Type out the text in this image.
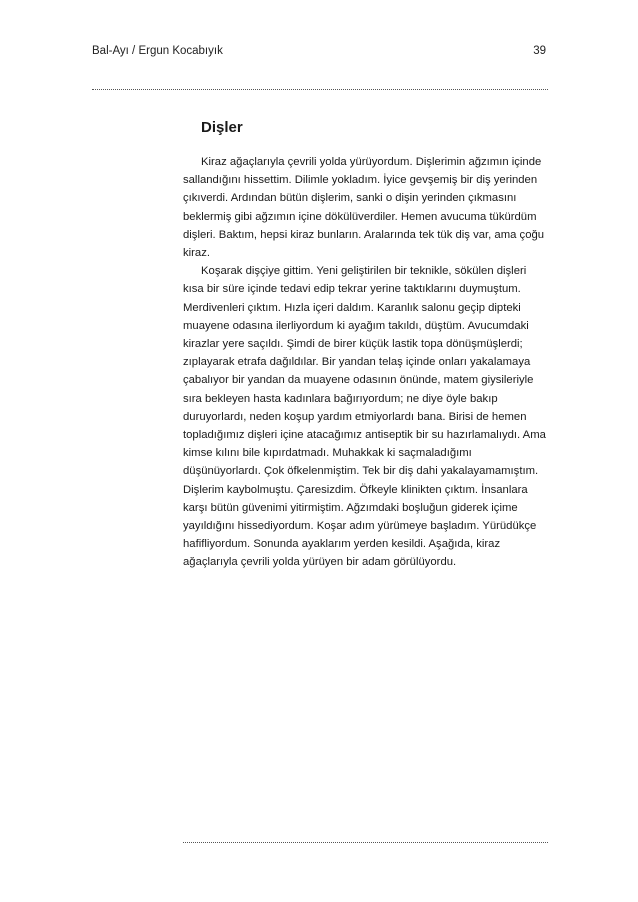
Bal-Ayı / Ergun Kocabıyık	39
Dişler

Kiraz ağaçlarıyla çevrili yolda yürüyordum. Dişlerimin ağzımın içinde sallandığını hissettim. Dilimle yokladım. İyice gevşemiş bir diş yerinden çıkıverdi. Ardından bütün dişlerim, sanki o dişin yerinden çıkmasını beklermiş gibi ağzımın içine dökülüverdiler. Hemen avucuma tükürdüm dişleri. Baktım, hepsi kiraz bunların. Aralarında tek tük diş var, ama çoğu kiraz.

Koşarak dişçiye gittim. Yeni geliştirilen bir teknikle, sökülen dişleri kısa bir süre içinde tedavi edip tekrar yerine taktıklarını duymuştum. Merdivenleri çıktım. Hızla içeri daldım. Karanlık salonu geçip dipteki muayene odasına ilerliyordum ki ayağım takıldı, düştüm. Avucumdaki kirazlar yere saçıldı. Şimdi de birer küçük lastik topa dönüşmüşlerdi; zıplayarak etrafa dağıldılar. Bir yandan telaş içinde onları yakalamaya çabalıyor bir yandan da muayene odasının önünde, matem giysileriyle sıra bekleyen hasta kadınlara bağırıyordum; ne diye öyle bakıp duruyorlardı, neden koşup yardım etmiyorlardı bana. Birisi de hemen topladığımız dişleri içine atacağımız antiseptik bir su hazırlamalıydı. Ama kimse kılını bile kıpırdatmadı. Muhakkak ki saçmaladığımı düşünüyorlardı. Çok öfkelenmiştim. Tek bir diş dahi yakalayamamıştım. Dişlerim kaybolmuştu. Çaresizdim. Öfkeyle klinikten çıktım. İnsanlara karşı bütün güvenimi yitirmiştim. Ağzımdaki boşluğun giderek içime yayıldığını hissediyordum. Koşar adım yürümeye başladım. Yürüdükçe hafifliyordum. Sonunda ayaklarım yerden kesildi. Aşağıda, kiraz ağaçlarıyla çevrili yolda yürüyen bir adam görülüyordu.
